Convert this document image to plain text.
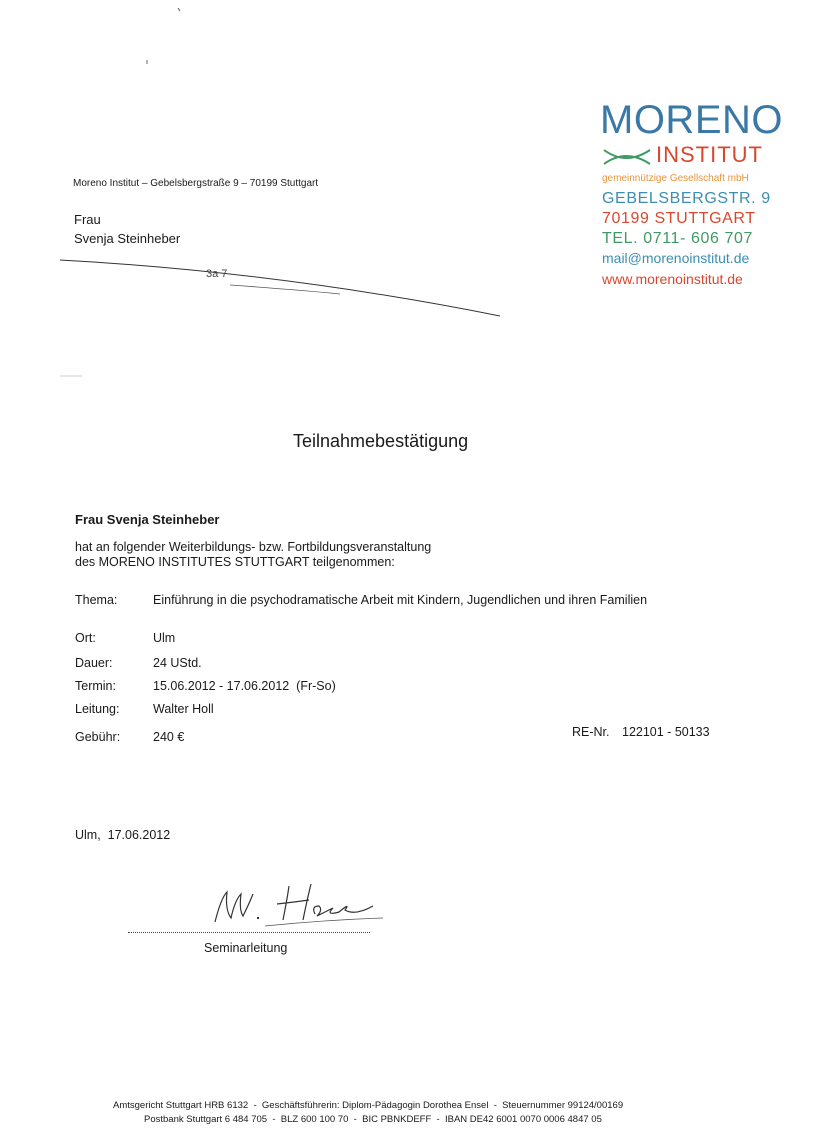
3a 7
MORENO
INSTITUT
gemeinnützige Gesellschaft mbH
GEBELSBERGSTR. 9
70199 STUTTGART
TEL. 0711- 606 707
mail@morenoinstitut.de
www.morenoinstitut.de
Moreno Institut – Gebelsbergstraße 9 – 70199 Stuttgart
Frau
Svenja Steinheber
Teilnahmebestätigung
Frau Svenja Steinheber
hat an folgender Weiterbildungs- bzw. Fortbildungsveranstaltung
des MORENO INSTITUTES STUTTGART teilgenommen:
Thema:	Einführung in die psychodramatische Arbeit mit Kindern, Jugendlichen und ihren Familien
Ort:	Ulm
Dauer:	24 UStd.
Termin:	15.06.2012 - 17.06.2012  (Fr-So)
Leitung:	Walter Holl
Gebühr:	240 €	RE-Nr. 122101 - 50133
Ulm,  17.06.2012
Seminarleitung
Amtsgericht Stuttgart HRB 6132  -  Geschäftsführerin: Diplom-Pädagogin Dorothea Ensel  -  Steuernummer 99124/00169
Postbank Stuttgart 6 484 705  -  BLZ 600 100 70  -  BIC PBNKDEFF  -  IBAN DE42 6001 0070 0006 4847 05
